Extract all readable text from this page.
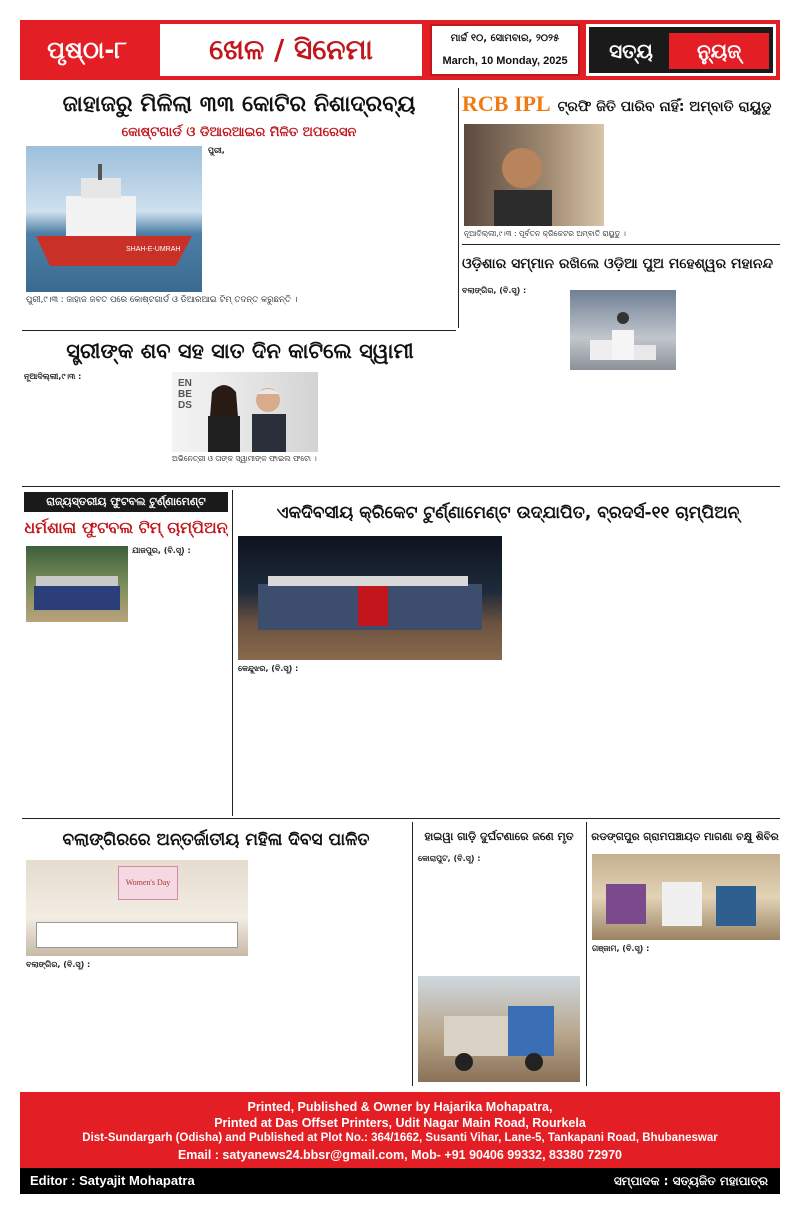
ପୃଷ୍ଠା-୮	ଖେଳ / ସିନେମା	ମାର୍ଚ୍ଚ ୧୦, ସୋମବାର, ୨୦୨୫
March, 10 Monday, 2025	ସତ୍ୟ	ନ୍ୟୁଜ୍
ଜାହାଜରୁ ମିଳିଲା ୩୩ କୋଟିର ନିଶାଦ୍ରବ୍ୟ
କୋଷ୍ଟଗାର୍ଡ ଓ ଡିଆରଆଇର ମିଳିତ ଅପରେସନ
SHAH-E-UMRAH
ପୁରୀ,୯।୩ : ଜାହାଜ ଜବତ ପରେ କୋଷ୍ଟଗାର୍ଡ ଓ ଡିଆରଆଇ ଟିମ୍ ତଦନ୍ତ କରୁଛନ୍ତି ।
ପୁରୀ,
RCB IPL ଟ୍ରଫି ଜିତି ପାରିବ ନାହିଁ: ଅମ୍ବାତି ରାୟୁଡୁ
ନୂଆଦିଲ୍ଲୀ,୯।୩ : ପୂର୍ବତନ କ୍ରିକେଟର ଅମ୍ବାତି ରାୟୁଡୁ ।
ଓଡ଼ିଶାର ସମ୍ମାନ ରଖିଲେ ଓଡ଼ିଆ ପୁଅ ମହେଶ୍ୱର ମହାନନ୍ଦ
ବଲାଙ୍ଗିର, (ବି.ସୂ) :
ସ୍ତ୍ରୀଙ୍କ ଶବ ସହ ସାତ ଦିନ କାଟିଲେ ସ୍ୱାମୀ
ନୂଆଦିଲ୍ଲୀ,୯।୩ :
EN BE DS
ଅଭିନେତ୍ରୀ ଓ ତାଙ୍କ ସ୍ୱାମୀଙ୍କ ଫାଇଲ ଫଟୋ ।
ରାଜ୍ୟସ୍ତରୀୟ ଫୁଟବଲ ଟୁର୍ଣ୍ଣାମେଣ୍ଟ
ଧର୍ମଶାଳା ଫୁଟବଲ ଟିମ୍ ଚାମ୍ପିଅନ୍
ଯାଜପୁର, (ବି.ସୂ) :
ଏକଦିବସୀୟ କ୍ରିକେଟ ଟୁର୍ଣ୍ଣାମେଣ୍ଟ ଉଦ୍ଯାପିତ, ବ୍ରଦର୍ସ-୧୧ ଚାମ୍ପିଅନ୍
କେନ୍ଦୁଝର, (ବି.ସୂ) :
ବଲାଙ୍ଗିରରେ ଅନ୍ତର୍ଜାତୀୟ ମହିଳା ଦିବସ ପାଳିତ
Women's Day
ବଲାଙ୍ଗିର, (ବି.ସୂ) :
ହାଇୱା ଗାଡ଼ି ଦୁର୍ଘଟଣାରେ ଜଣେ ମୃତ
କୋରାପୁଟ, (ବି.ସୂ) :
ରଡଙ୍ଗପୁର ଗ୍ରାମପଞ୍ଚାୟତ ମାଗଣା ଚକ୍ଷୁ ଶିବିର
ଗଞ୍ଜାମ, (ବି.ସୂ) :
Printed, Published & Owner by Hajarika Mohapatra,
Printed at Das Offset Printers, Udit Nagar Main Road, Rourkela
Dist-Sundargarh (Odisha) and Published at Plot No.: 364/1662, Susanti Vihar, Lane-5, Tankapani Road, Bhubaneswar
Email : satyanews24.bbsr@gmail.com, Mob- +91 90406 99332, 83380 72970
Editor : Satyajit Mohapatra	ସମ୍ପାଦକ : ସତ୍ୟଜିତ ମହାପାତ୍ର
